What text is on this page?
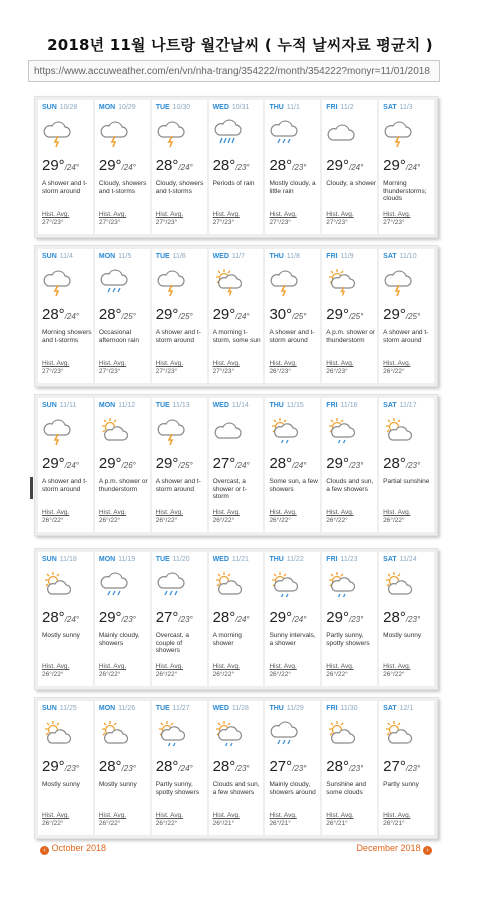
2018년 11월 나트랑 월간날씨 ( 누적 날씨자료 평균치 )
https://www.accuweather.com/en/vn/nha-trang/354222/month/354222?monyr=11/01/2018
SUN 10/28
29°/24°
A shower and t-storm around
Hist. Avg.
27°/23°
MON 10/29
29°/24°
Cloudy, showers and t-storms
Hist. Avg.
27°/23°
TUE 10/30
28°/24°
Cloudy, showers and t-storms
Hist. Avg.
27°/23°
WED 10/31
28°/23°
Periods of rain
Hist. Avg.
27°/23°
THU 11/1
28°/23°
Mostly cloudy, a little rain
Hist. Avg.
27°/23°
FRI 11/2
29°/24°
Cloudy, a shower
Hist. Avg.
27°/23°
SAT 11/3
29°/24°
Morning thunderstorms; clouds
Hist. Avg.
27°/23°
SUN 11/4
28°/24°
Morning showers and t-storms
Hist. Avg.
27°/23°
MON 11/5
28°/25°
Occasional afternoon rain
Hist. Avg.
27°/23°
TUE 11/6
29°/25°
A shower and t-storm around
Hist. Avg.
27°/23°
WED 11/7
29°/24°
A morning t-storm, some sun
Hist. Avg.
27°/23°
THU 11/8
30°/25°
A shower and t-storm around
Hist. Avg.
26°/23°
FRI 11/9
29°/25°
A p.m. shower or thunderstorm
Hist. Avg.
26°/23°
SAT 11/10
29°/25°
A shower and t-storm around
Hist. Avg.
26°/22°
SUN 11/11
29°/24°
A shower and t-storm around
Hist. Avg.
26°/22°
MON 11/12
29°/26°
A p.m. shower or thunderstorm
Hist. Avg.
26°/22°
TUE 11/13
29°/25°
A shower and t-storm around
Hist. Avg.
26°/22°
WED 11/14
27°/24°
Overcast, a shower or t-storm
Hist. Avg.
26°/22°
THU 11/15
28°/24°
Some sun, a few showers
Hist. Avg.
26°/22°
FRI 11/16
29°/23°
Clouds and sun, a few showers
Hist. Avg.
26°/22°
SAT 11/17
28°/23°
Partial sunshine
Hist. Avg.
26°/22°
SUN 11/18
28°/24°
Mostly sunny
Hist. Avg.
26°/22°
MON 11/19
29°/23°
Mainly cloudy, showers
Hist. Avg.
26°/22°
TUE 11/20
27°/23°
Overcast, a couple of showers
Hist. Avg.
26°/22°
WED 11/21
28°/24°
A morning shower
Hist. Avg.
26°/22°
THU 11/22
29°/24°
Sunny intervals, a shower
Hist. Avg.
26°/22°
FRI 11/23
29°/23°
Partly sunny, spotty showers
Hist. Avg.
26°/22°
SAT 11/24
28°/23°
Mostly sunny
Hist. Avg.
26°/22°
SUN 11/25
29°/23°
Mostly sunny
Hist. Avg.
26°/22°
MON 11/26
28°/23°
Mostly sunny
Hist. Avg.
26°/22°
TUE 11/27
28°/24°
Partly sunny, spotty showers
Hist. Avg.
26°/22°
WED 11/28
28°/23°
Clouds and sun, a few showers
Hist. Avg.
26°/21°
THU 11/29
27°/23°
Mainly cloudy, showers around
Hist. Avg.
26°/21°
FRI 11/30
28°/23°
Sunshine and some clouds
Hist. Avg.
26°/21°
SAT 12/1
27°/23°
Partly sunny
Hist. Avg.
26°/21°
‹ October 2018	December 2018 ›
